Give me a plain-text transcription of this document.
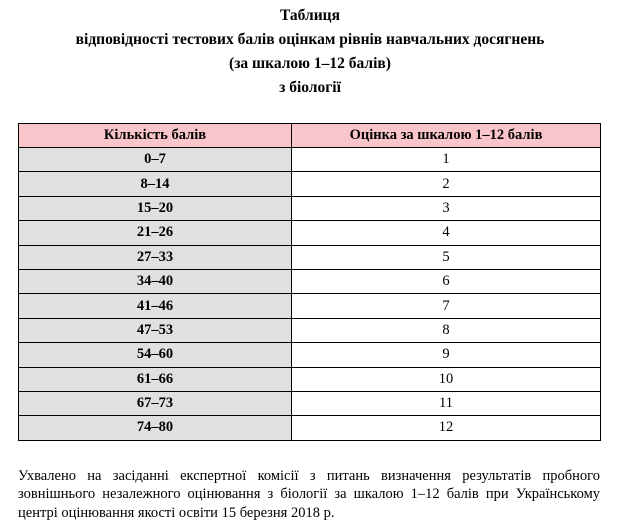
Таблиця
відповідності тестових балів оцінкам рівнів навчальних досягнень
(за шкалою 1–12 балів)
з біології
Кількість балів	Оцінка за шкалою 1–12 балів
0–7	1
8–14	2
15–20	3
21–26	4
27–33	5
34–40	6
41–46	7
47–53	8
54–60	9
61–66	10
67–73	11
74–80	12

Ухвалено на засіданні експертної комісії з питань визначення результатів пробного зовнішнього незалежного оцінювання з біології за шкалою 1–12 балів при Українському центрі оцінювання якості освіти 15 березня 2018 р.
